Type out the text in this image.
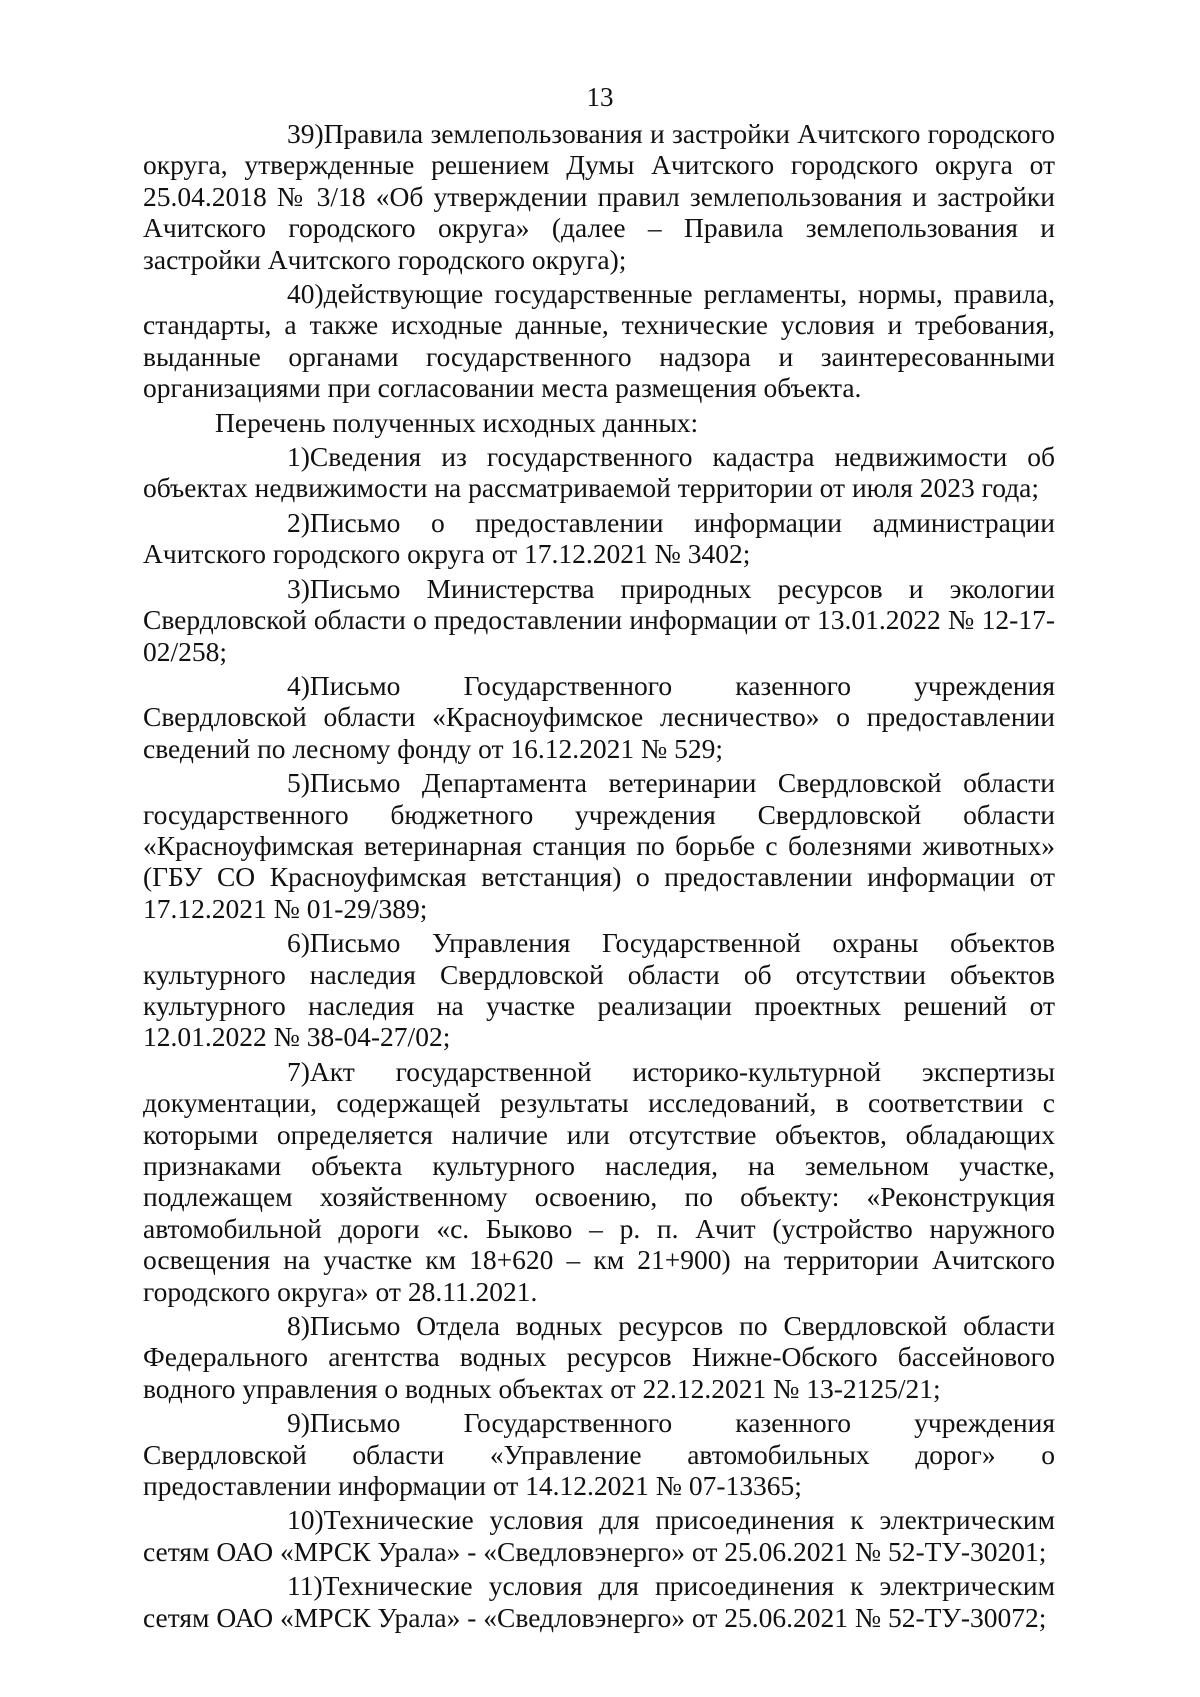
13

39)Правила землепользования и застройки Ачитского городского округа, утвержденные решением Думы Ачитского городского округа от 25.04.2018 № 3/18 «Об утверждении правил землепользования и застройки Ачитского городского округа» (далее – Правила землепользования и застройки Ачитского городского округа);

40)действующие государственные регламенты, нормы, правила, стандарты, а также исходные данные, технические условия и требования, выданные органами государственного надзора и заинтересованными организациями при согласовании места размещения объекта.

Перечень полученных исходных данных:

1)Сведения из государственного кадастра недвижимости об объектах недвижимости на рассматриваемой территории от июля 2023 года;

2)Письмо о предоставлении информации администрации Ачитского городского округа от 17.12.2021 № 3402;

3)Письмо Министерства природных ресурсов и экологии Свердловской области о предоставлении информации от 13.01.2022 № 12-17-02/258;

4)Письмо Государственного казенного учреждения Свердловской области «Красноуфимское лесничество» о предоставлении сведений по лесному фонду от 16.12.2021 № 529;

5)Письмо Департамента ветеринарии Свердловской области государственного бюджетного учреждения Свердловской области «Красноуфимская ветеринарная станция по борьбе с болезнями животных» (ГБУ СО Красноуфимская ветстанция) о предоставлении информации от 17.12.2021 № 01-29/389;

6)Письмо Управления Государственной охраны объектов культурного наследия Свердловской области об отсутствии объектов культурного наследия на участке реализации проектных решений от 12.01.2022 № 38-04-27/02;

7)Акт государственной историко-культурной экспертизы документации, содержащей результаты исследований, в соответствии с которыми определяется наличие или отсутствие объектов, обладающих признаками объекта культурного наследия, на земельном участке, подлежащем хозяйственному освоению, по объекту: «Реконструкция автомобильной дороги «с. Быково – р. п. Ачит (устройство наружного освещения на участке км 18+620 – км 21+900) на территории Ачитского городского округа» от 28.11.2021.

8)Письмо Отдела водных ресурсов по Свердловской области Федерального агентства водных ресурсов Нижне-Обского бассейнового водного управления о водных объектах от 22.12.2021 № 13-2125/21;

9)Письмо Государственного казенного учреждения Свердловской области «Управление автомобильных дорог» о предоставлении информации от 14.12.2021 № 07-13365;

10)Технические условия для присоединения к электрическим сетям ОАО «МРСК Урала» - «Сведловэнерго» от 25.06.2021 № 52-ТУ-30201;

11)Технические условия для присоединения к электрическим сетям ОАО «МРСК Урала» - «Сведловэнерго» от 25.06.2021 № 52-ТУ-30072;
